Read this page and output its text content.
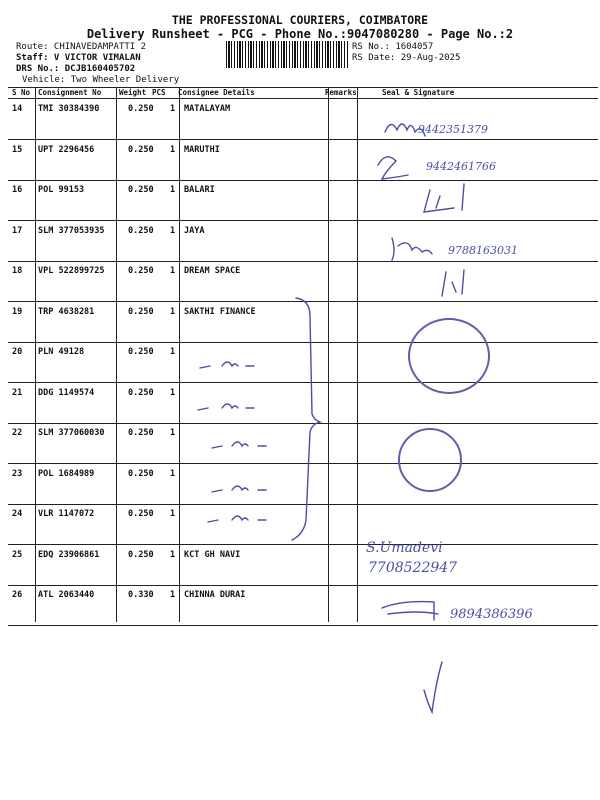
THE PROFESSIONAL COURIERS, COIMBATORE
Delivery Runsheet - PCG - Phone No.:9047080280 - Page No.:2
Route: CHINAVEDAMPATTI 2
Staff: V VICTOR VIMALAN
DRS No.: DCJB160405702
Vehicle: Two Wheeler Delivery
RS No.: 1604057
RS Date: 29-Aug-2025
S No Consignment No Weight PCS Consignee Details	Remarks	Seal & Signature
14 TMI 30384390	0.250 1 MATALAYAM
15 UPT 2296456	0.250 1 MARUTHI
16 POL 99153	0.250 1 BALARI
17 SLM 377053935	0.250 1 JAYA
18 VPL 522899725	0.250 1 DREAM SPACE
19 TRP 4638281	0.250 1 SAKTHI FINANCE
20 PLN 49128	0.250 1
21 DDG 1149574	0.250 1
22 SLM 377060030	0.250 1
23 POL 1684989	0.250 1
24 VLR 1147072	0.250 1
25 EDQ 23906861	0.250 1 KCT GH NAVI
26 ATL 2063440	0.330 1 CHINNA DURAI
9442351379
9442461766
9788163031
S.Umadevi
7708522947
9894386396
